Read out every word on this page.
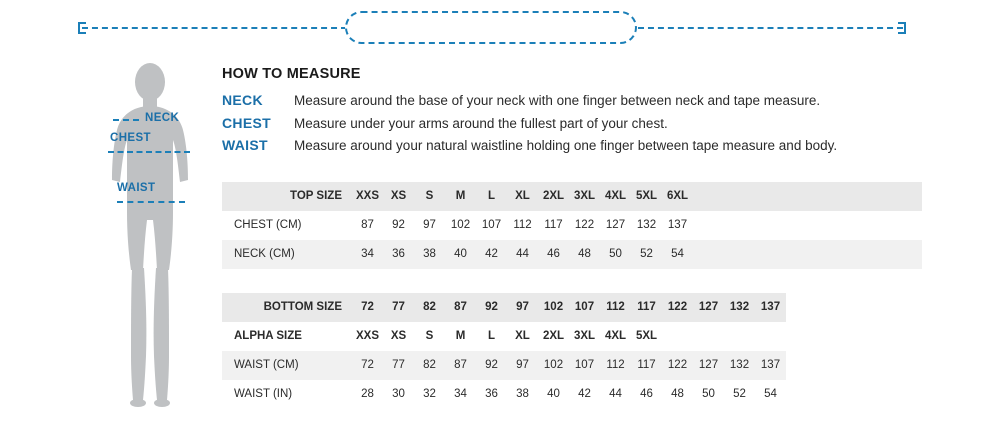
NECK
CHEST
WAIST
HOW TO MEASURE
NECK	Measure around the base of your neck with one finger between neck and tape measure.
CHEST	Measure under your arms around the fullest part of your chest.
WAIST	Measure around your natural waistline holding one finger between tape measure and body.
TOP SIZE	XXS	XS	S	M	L	XL	2XL	3XL	4XL	5XL	6XL	
CHEST (CM)	87	92	97	102	107	112	117	122	127	132	137	
NECK (CM)	34	36	38	40	42	44	46	48	50	52	54	
BOTTOM SIZE	72	77	82	87	92	97	102	107	112	117	122	127	132	137
ALPHA SIZE	XXS	XS	S	M	L	XL	2XL	3XL	4XL	5XL				
WAIST (CM)	72	77	82	87	92	97	102	107	112	117	122	127	132	137
WAIST (IN)	28	30	32	34	36	38	40	42	44	46	48	50	52	54
